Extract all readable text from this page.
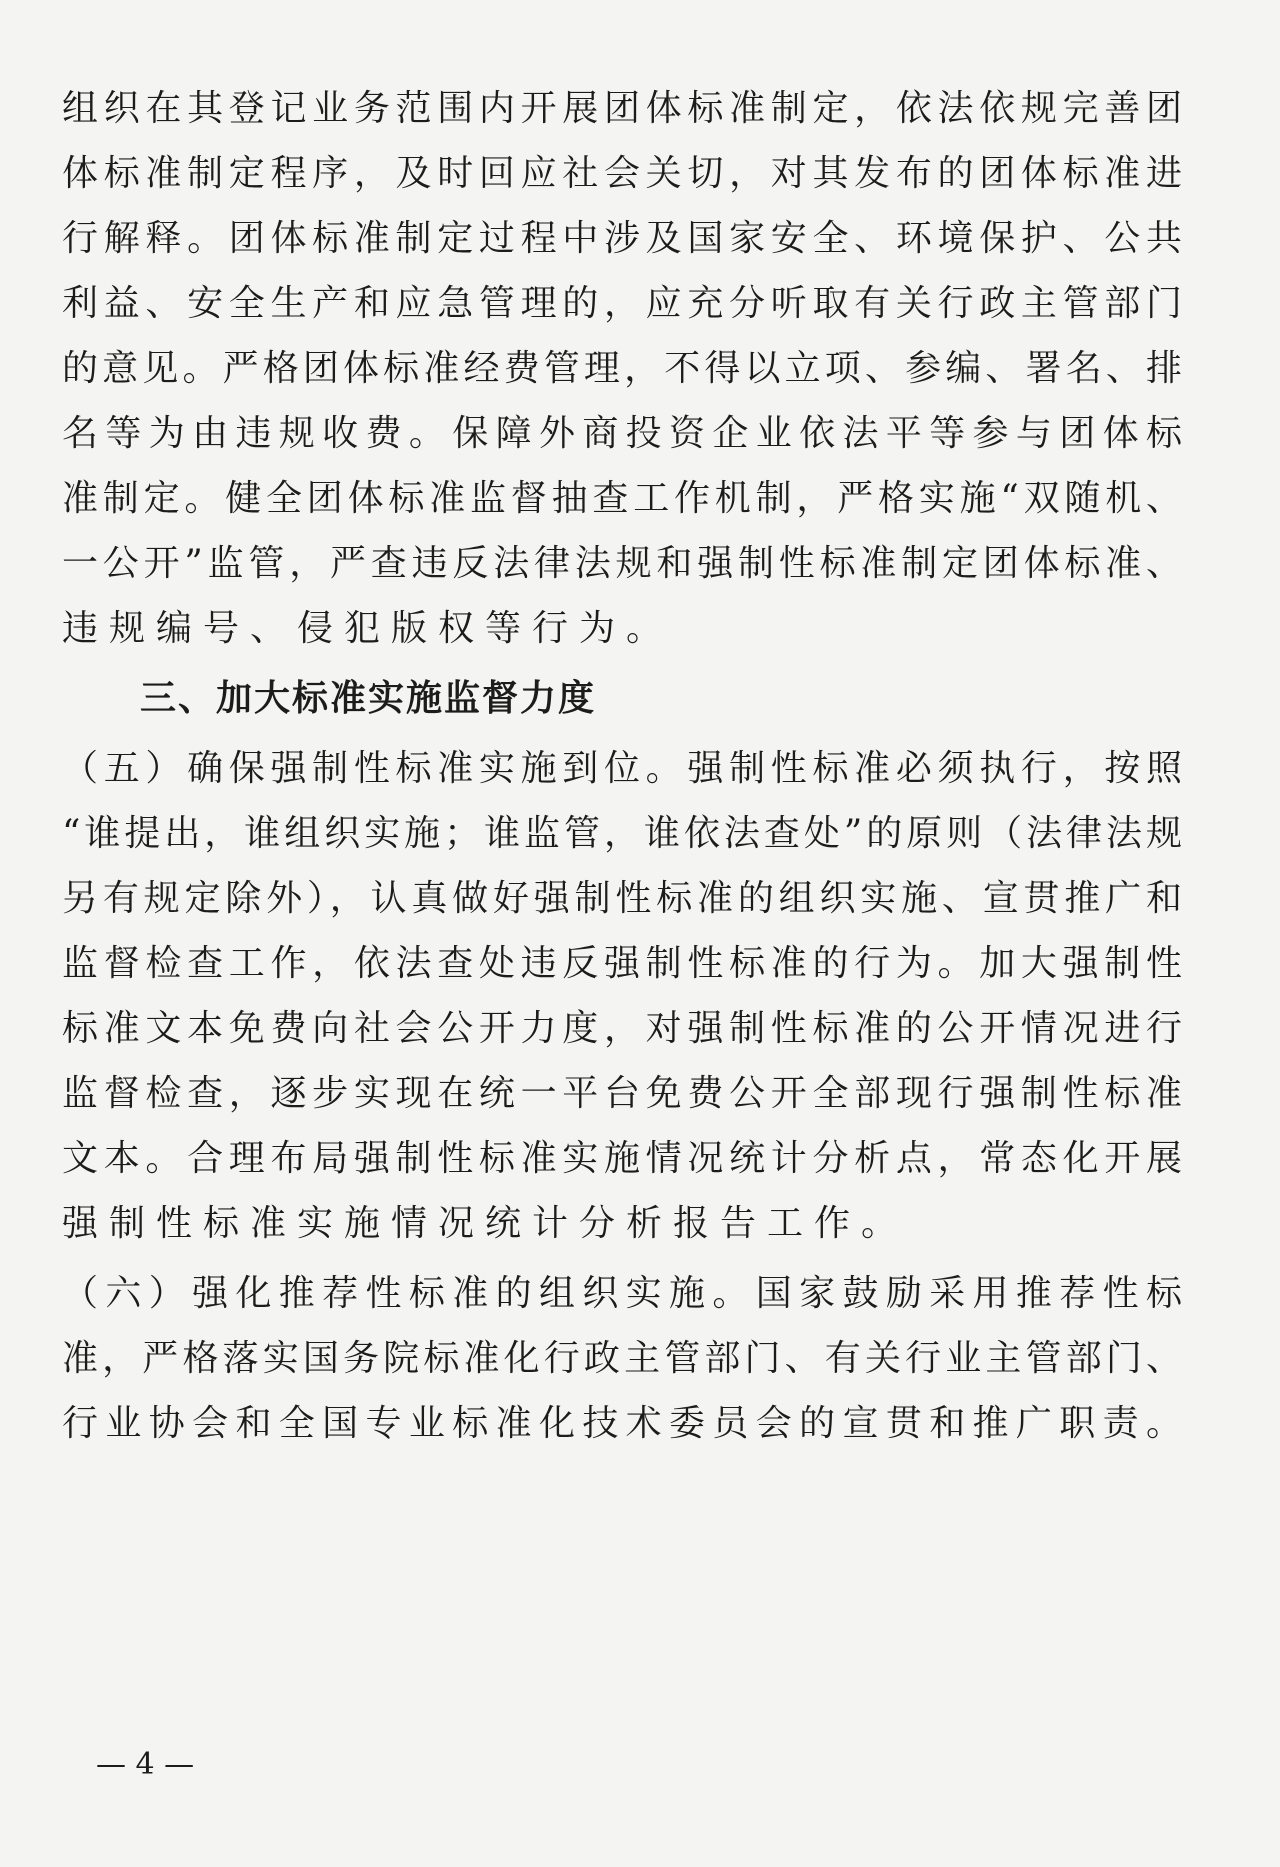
组织在其登记业务范围内开展团体标准制定，依法依规完善团
体标准制定程序，及时回应社会关切，对其发布的团体标准进
行解释。团体标准制定过程中涉及国家安全、环境保护、公共
利益、安全生产和应急管理的，应充分听取有关行政主管部门
的意见。严格团体标准经费管理，不得以立项、参编、署名、排
名等为由违规收费。保障外商投资企业依法平等参与团体标
准制定。健全团体标准监督抽查工作机制，严格实施“双随机、
一公开”监管，严查违反法律法规和强制性标准制定团体标准、
违规编号、侵犯版权等行为。
三、加大标准实施监督力度
（五）确保强制性标准实施到位。强制性标准必须执行，按照
“谁提出，谁组织实施；谁监管，谁依法查处”的原则（法律法规
另有规定除外），认真做好强制性标准的组织实施、宣贯推广和
监督检查工作，依法查处违反强制性标准的行为。加大强制性
标准文本免费向社会公开力度，对强制性标准的公开情况进行
监督检查，逐步实现在统一平台免费公开全部现行强制性标准
文本。合理布局强制性标准实施情况统计分析点，常态化开展
强制性标准实施情况统计分析报告工作。
（六）强化推荐性标准的组织实施。国家鼓励采用推荐性标
准，严格落实国务院标准化行政主管部门、有关行业主管部门、
行业协会和全国专业标准化技术委员会的宣贯和推广职责。
— 4 —
